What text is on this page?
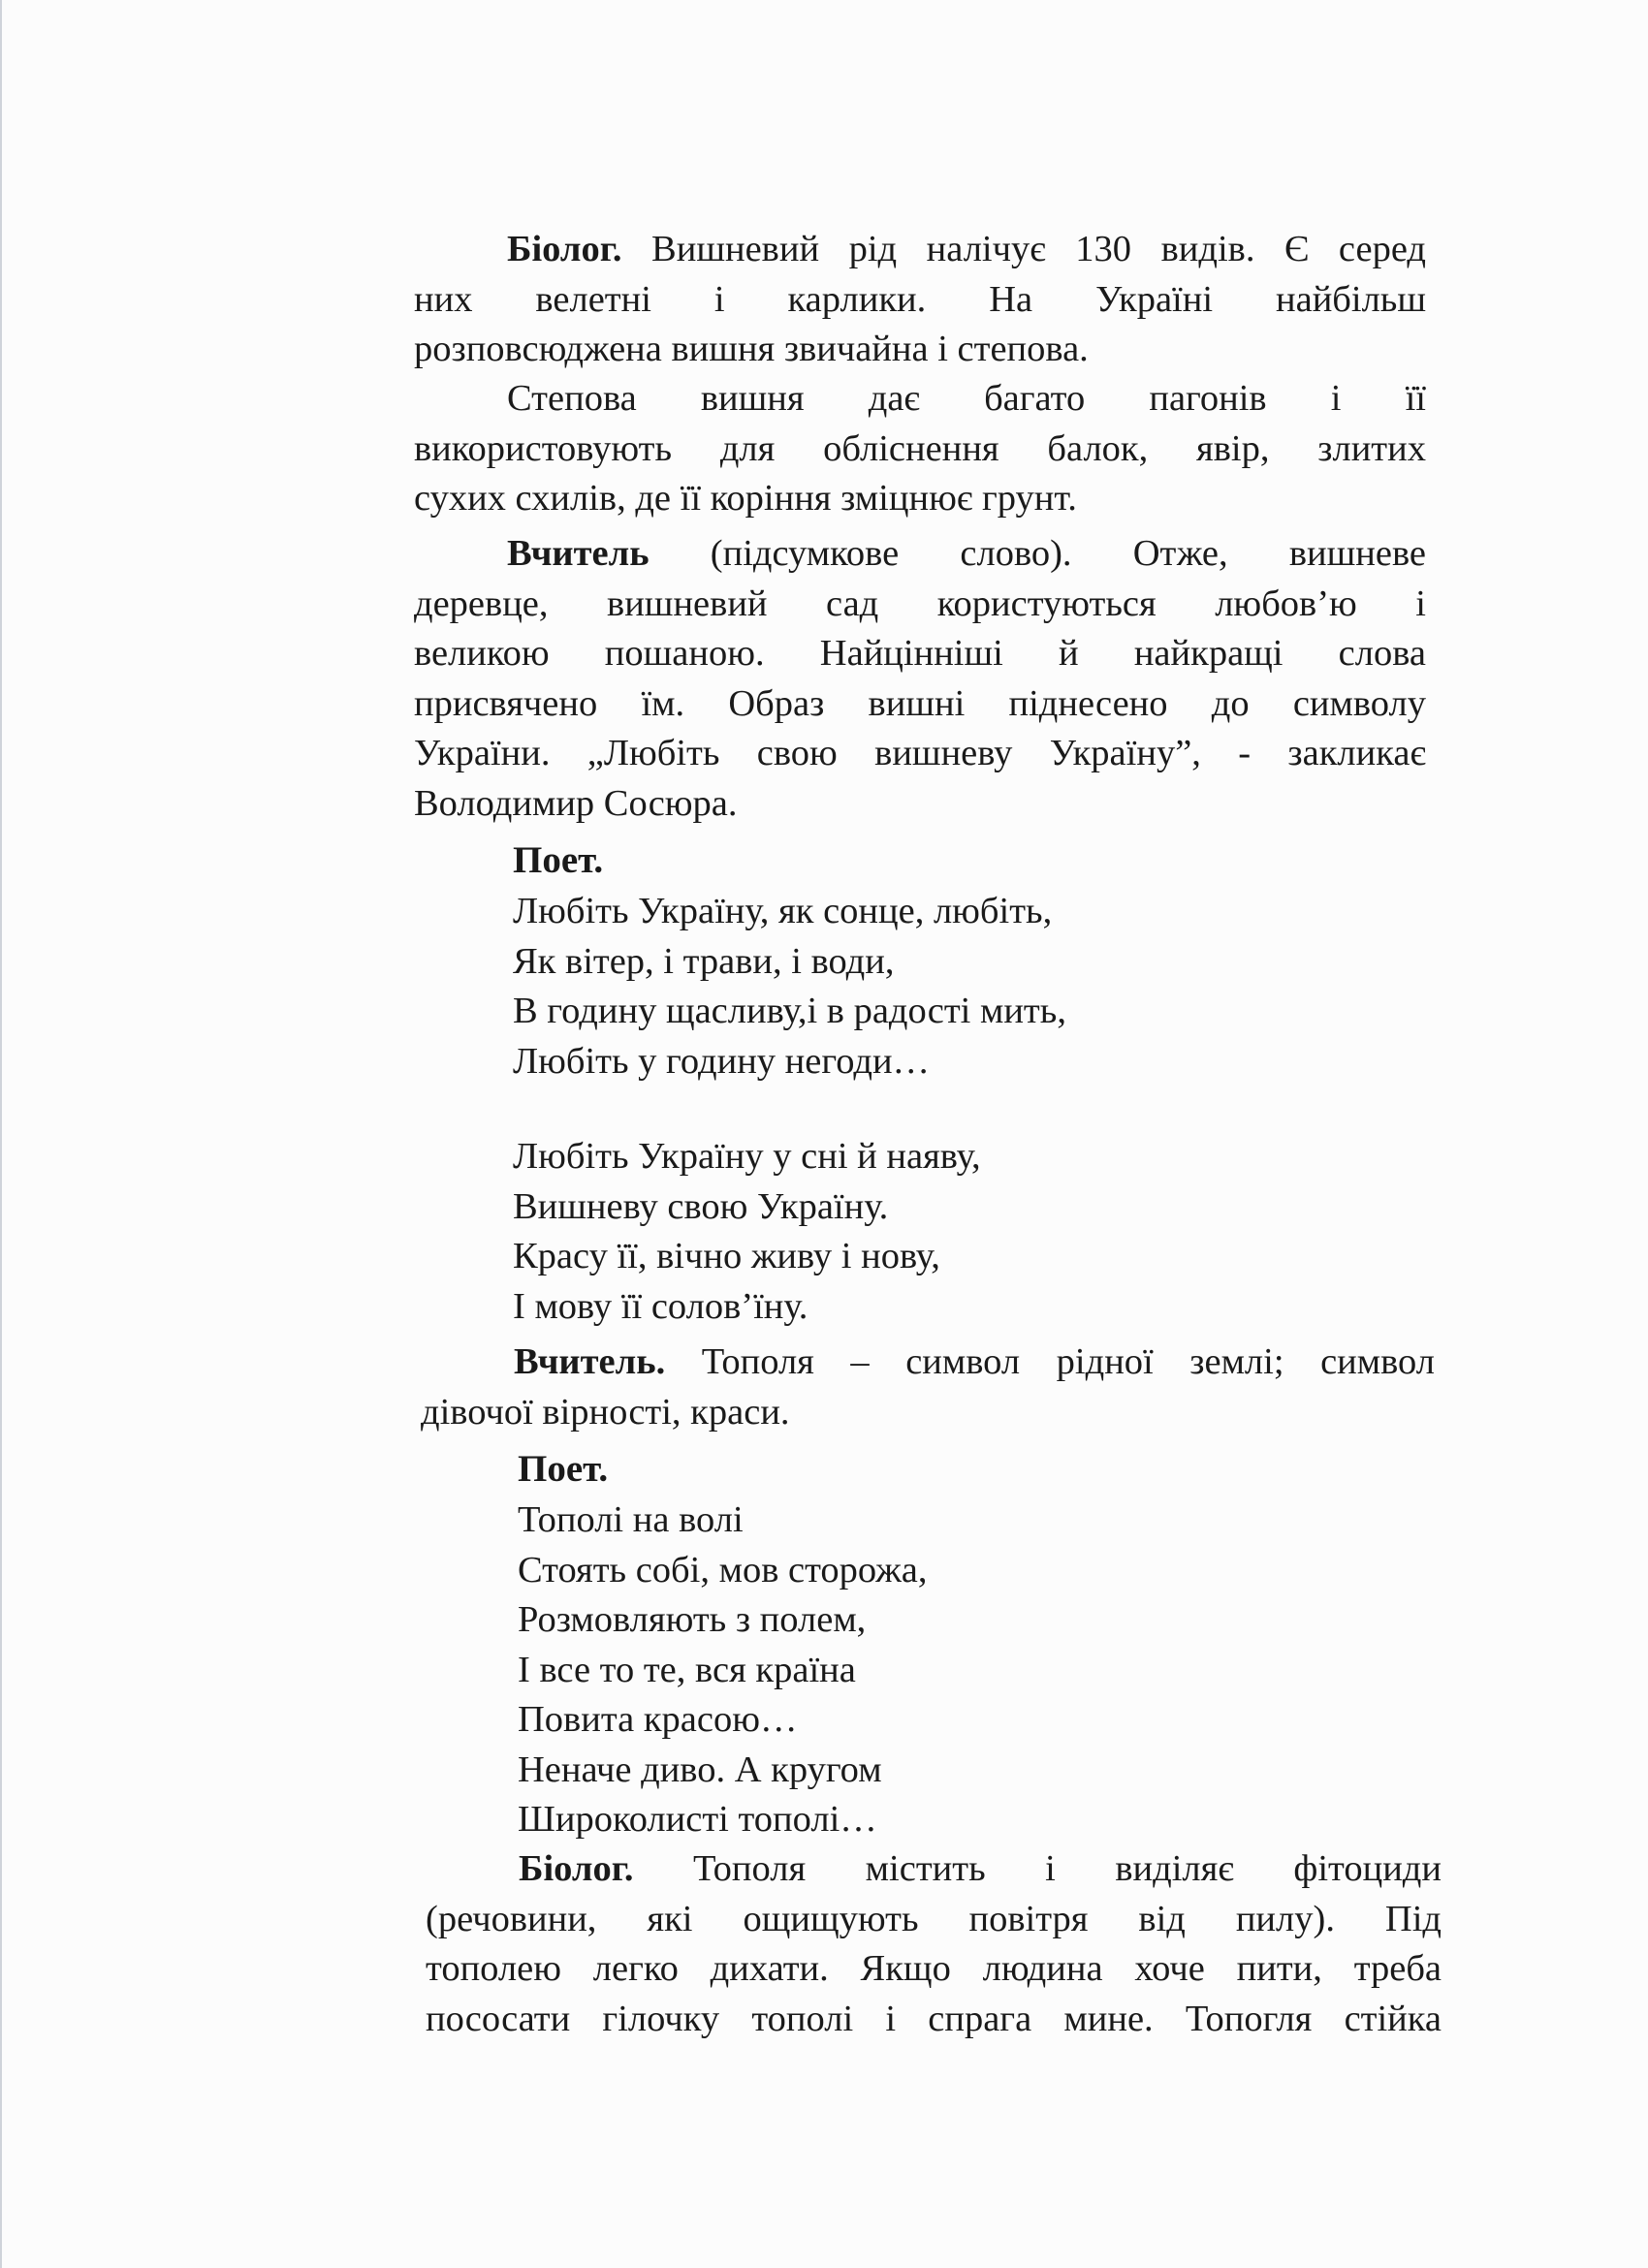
Біолог. Вишневий рід налічує 130 видів. Є серед
них велетні і карлики. На Україні найбільш
розповсюджена вишня звичайна і степова.
Степова вишня дає багато пагонів і її
використовують для обліснення балок, явір, злитих
сухих схилів, де її коріння зміцнює грунт.
Вчитель (підсумкове слово). Отже, вишневе
деревце, вишневий сад користуються любов’ю і
великою пошаною. Найцінніші й найкращі слова
присвячено їм. Образ вишні піднесено до символу
України. „Любіть свою вишневу Україну”, - закликає
Володимир Сосюра.
Поет.
Любіть Україну, як сонце, любіть,
Як вітер, і трави, і води,
В годину щасливу,і в радості мить,
Любіть у годину негоди…
Любіть Україну у сні й наяву,
Вишневу свою Україну.
Красу її, вічно живу і нову,
І мову її солов’їну.
Вчитель. Тополя – символ рідної землі; символ
дівочої вірності, краси.
Поет.
Тополі на волі
Стоять собі, мов сторожа,
Розмовляють з полем,
І все то те, вся країна
Повита красою…
Неначе диво. А кругом
Широколисті тополі…
Біолог. Тополя містить і виділяє фітоциди
(речовини, які ощищують повітря від пилу). Під
тополею легко дихати. Якщо людина хоче пити, треба
пососати гілочку тополі і спрага мине. Топогля стійка
